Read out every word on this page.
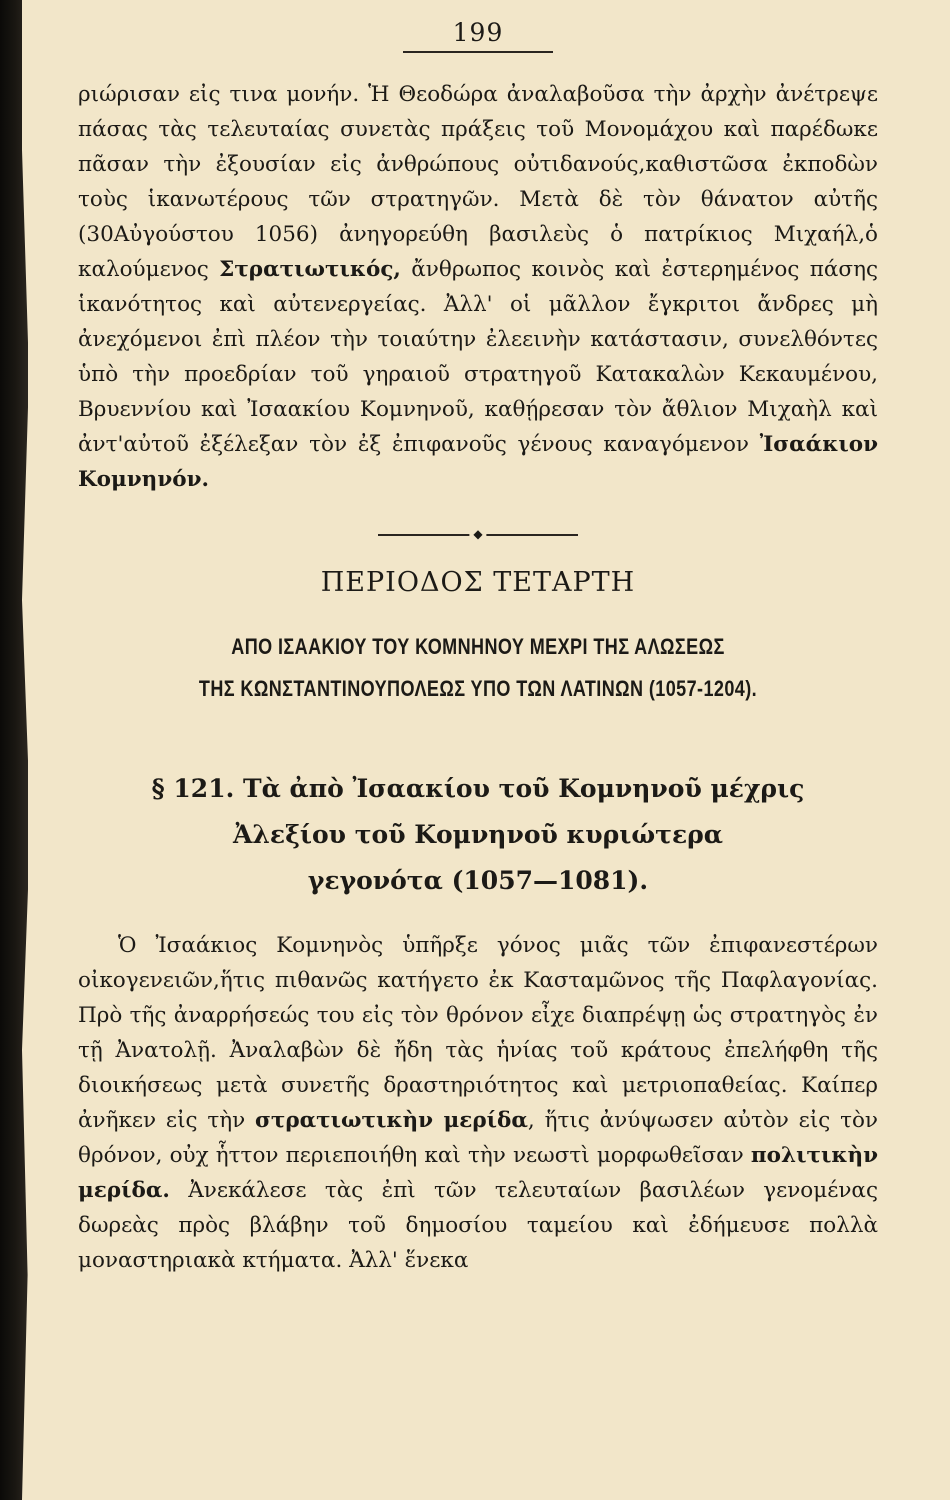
199

ριώρισαν εἰς τινα μονήν. Ἡ Θεοδώρα ἀναλαβοῦσα τὴν ἀρχὴν ἀνέτρεψε πάσας τὰς τελευταίας συνετὰς πράξεις τοῦ Μονομάχου καὶ παρέδωκε πᾶσαν τὴν ἐξουσίαν εἰς ἀνθρώπους οὐτιδανούς,καθιστῶσα ἐκποδὼν τοὺς ἱκανωτέρους τῶν στρατηγῶν. Μετὰ δὲ τὸν θάνατον αὐτῆς (30Αὐγούστου 1056) ἀνηγορεύθη βασιλεὺς ὁ πατρίκιος Μιχαήλ,ὁ καλούμενος Στρατιωτικός, ἄνθρωπος κοινὸς καὶ ἐστερημένος πάσης ἱκανότητος καὶ αὐτενεργείας. Ἀλλ' οἱ μᾶλλον ἔγκριτοι ἄνδρες μὴ ἀνεχόμενοι ἐπὶ πλέον τὴν τοιαύτην ἐλεεινὴν κατάστασιν, συνελθόντες ὑπὸ τὴν προεδρίαν τοῦ γηραιοῦ στρατηγοῦ Κατακαλὼν Κεκαυμένου, Βρυεννίου καὶ Ἰσαακίου Κομνηνοῦ, καθῄρεσαν τὸν ἄθλιον Μιχαὴλ καὶ ἀντ'αὐτοῦ ἐξέλεξαν τὸν ἐξ ἐπιφανοῦς γένους καναγόμενον Ἰσαάκιον Κομνηνόν.

◆
ΠΕΡΙΟΔΟΣ ΤΕΤΑΡΤΗ
ΑΠΟ ΙΣΑΑΚΙΟΥ ΤΟΥ ΚΟΜΝΗΝΟΥ ΜΕΧΡΙ ΤΗΣ ΑΛΩΣΕΩΣ
ΤΗΣ ΚΩΝΣΤΑΝΤΙΝΟΥΠΟΛΕΩΣ ΥΠΟ ΤΩΝ ΛΑΤΙΝΩΝ (1057-1204).
§ 121. Τὰ ἀπὸ Ἰσαακίου τοῦ Κομνηνοῦ μέχρις
Ἀλεξίου τοῦ Κομνηνοῦ κυριώτερα
γεγονότα (1057—1081).

Ὁ Ἰσαάκιος Κομνηνὸς ὑπῆρξε γόνος μιᾶς τῶν ἐπιφανεστέρων οἰκογενειῶν,ἥτις πιθανῶς κατήγετο ἐκ Κασταμῶνος τῆς Παφλαγονίας. Πρὸ τῆς ἀναρρήσεώς του εἰς τὸν θρόνον εἶχε διαπρέψῃ ὡς στρατηγὸς ἐν τῇ Ἀνατολῇ. Ἀναλαβὼν δὲ ἤδη τὰς ἡνίας τοῦ κράτους ἐπελήφθη τῆς διοικήσεως μετὰ συνετῆς δραστηριότητος καὶ μετριοπαθείας. Καίπερ ἀνῆκεν εἰς τὴν στρατιωτικὴν μερίδα, ἥτις ἀνύψωσεν αὐτὸν εἰς τὸν θρόνον, οὐχ ἧττον περιεποιήθη καὶ τὴν νεωστὶ μορφωθεῖσαν πολιτικὴν μερίδα. Ἀνεκάλεσε τὰς ἐπὶ τῶν τελευταίων βασιλέων γενομένας δωρεὰς πρὸς βλάβην τοῦ δημοσίου ταμείου καὶ ἐδήμευσε πολλὰ μοναστηριακὰ κτήματα. Ἀλλ' ἕνεκα
